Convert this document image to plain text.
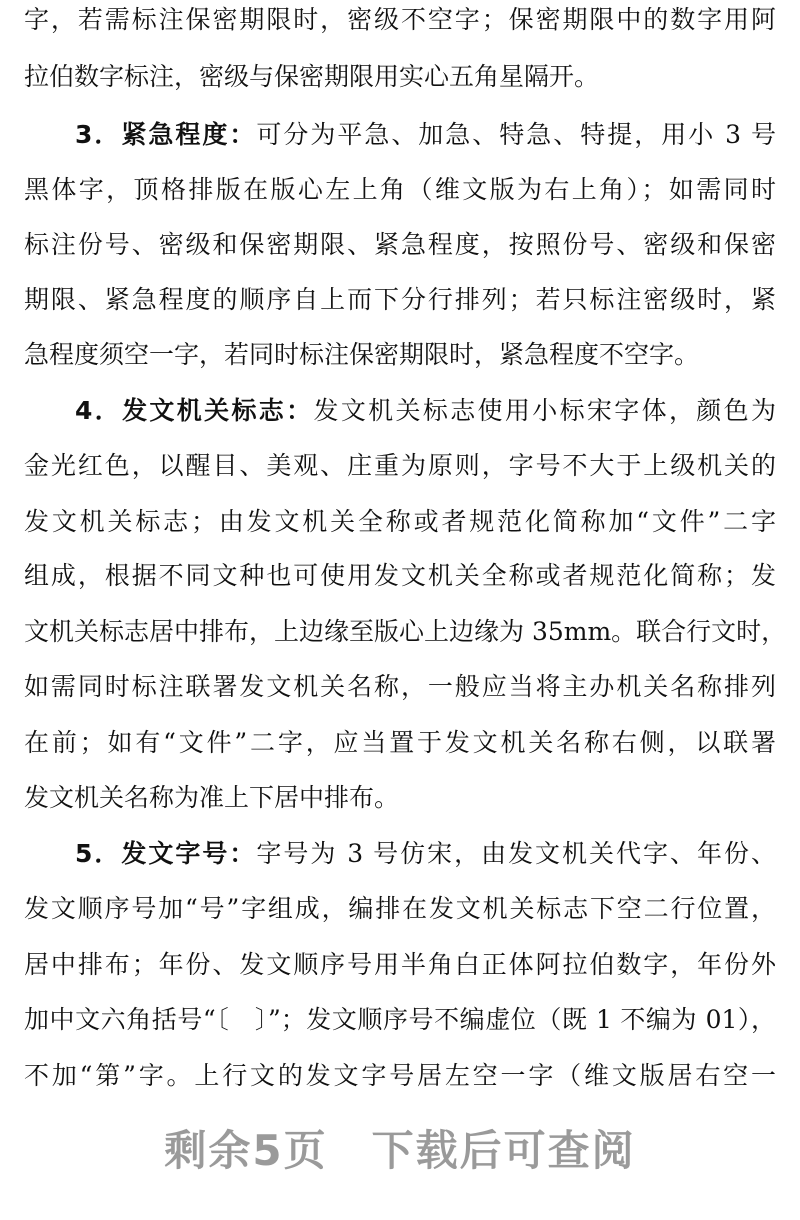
字，若需标注保密期限时，密级不空字；保密期限中的数字用阿

拉伯数字标注，密级与保密期限用实心五角星隔开。

3．紧急程度：可分为平急、加急、特急、特提，用小 3 号

黑体字，顶格排版在版心左上角（维文版为右上角）；如需同时

标注份号、密级和保密期限、紧急程度，按照份号、密级和保密

期限、紧急程度的顺序自上而下分行排列；若只标注密级时，紧

急程度须空一字，若同时标注保密期限时，紧急程度不空字。

4．发文机关标志：发文机关标志使用小标宋字体，颜色为

金光红色，以醒目、美观、庄重为原则，字号不大于上级机关的

发文机关标志；由发文机关全称或者规范化简称加“文件”二字

组成，根据不同文种也可使用发文机关全称或者规范化简称；发

文机关标志居中排布，上边缘至版心上边缘为 35mm。联合行文时，

如需同时标注联署发文机关名称，一般应当将主办机关名称排列

在前；如有“文件”二字，应当置于发文机关名称右侧，以联署

发文机关名称为准上下居中排布。

5．发文字号：字号为 3 号仿宋，由发文机关代字、年份、

发文顺序号加“号”字组成，编排在发文机关标志下空二行位置，

居中排布；年份、发文顺序号用半角白正体阿拉伯数字，年份外

加中文六角括号“〔　〕”；发文顺序号不编虚位（既 1 不编为 01），

不加“第”字。上行文的发文字号居左空一字（维文版居右空一

剩余5页 下载后可查阅
